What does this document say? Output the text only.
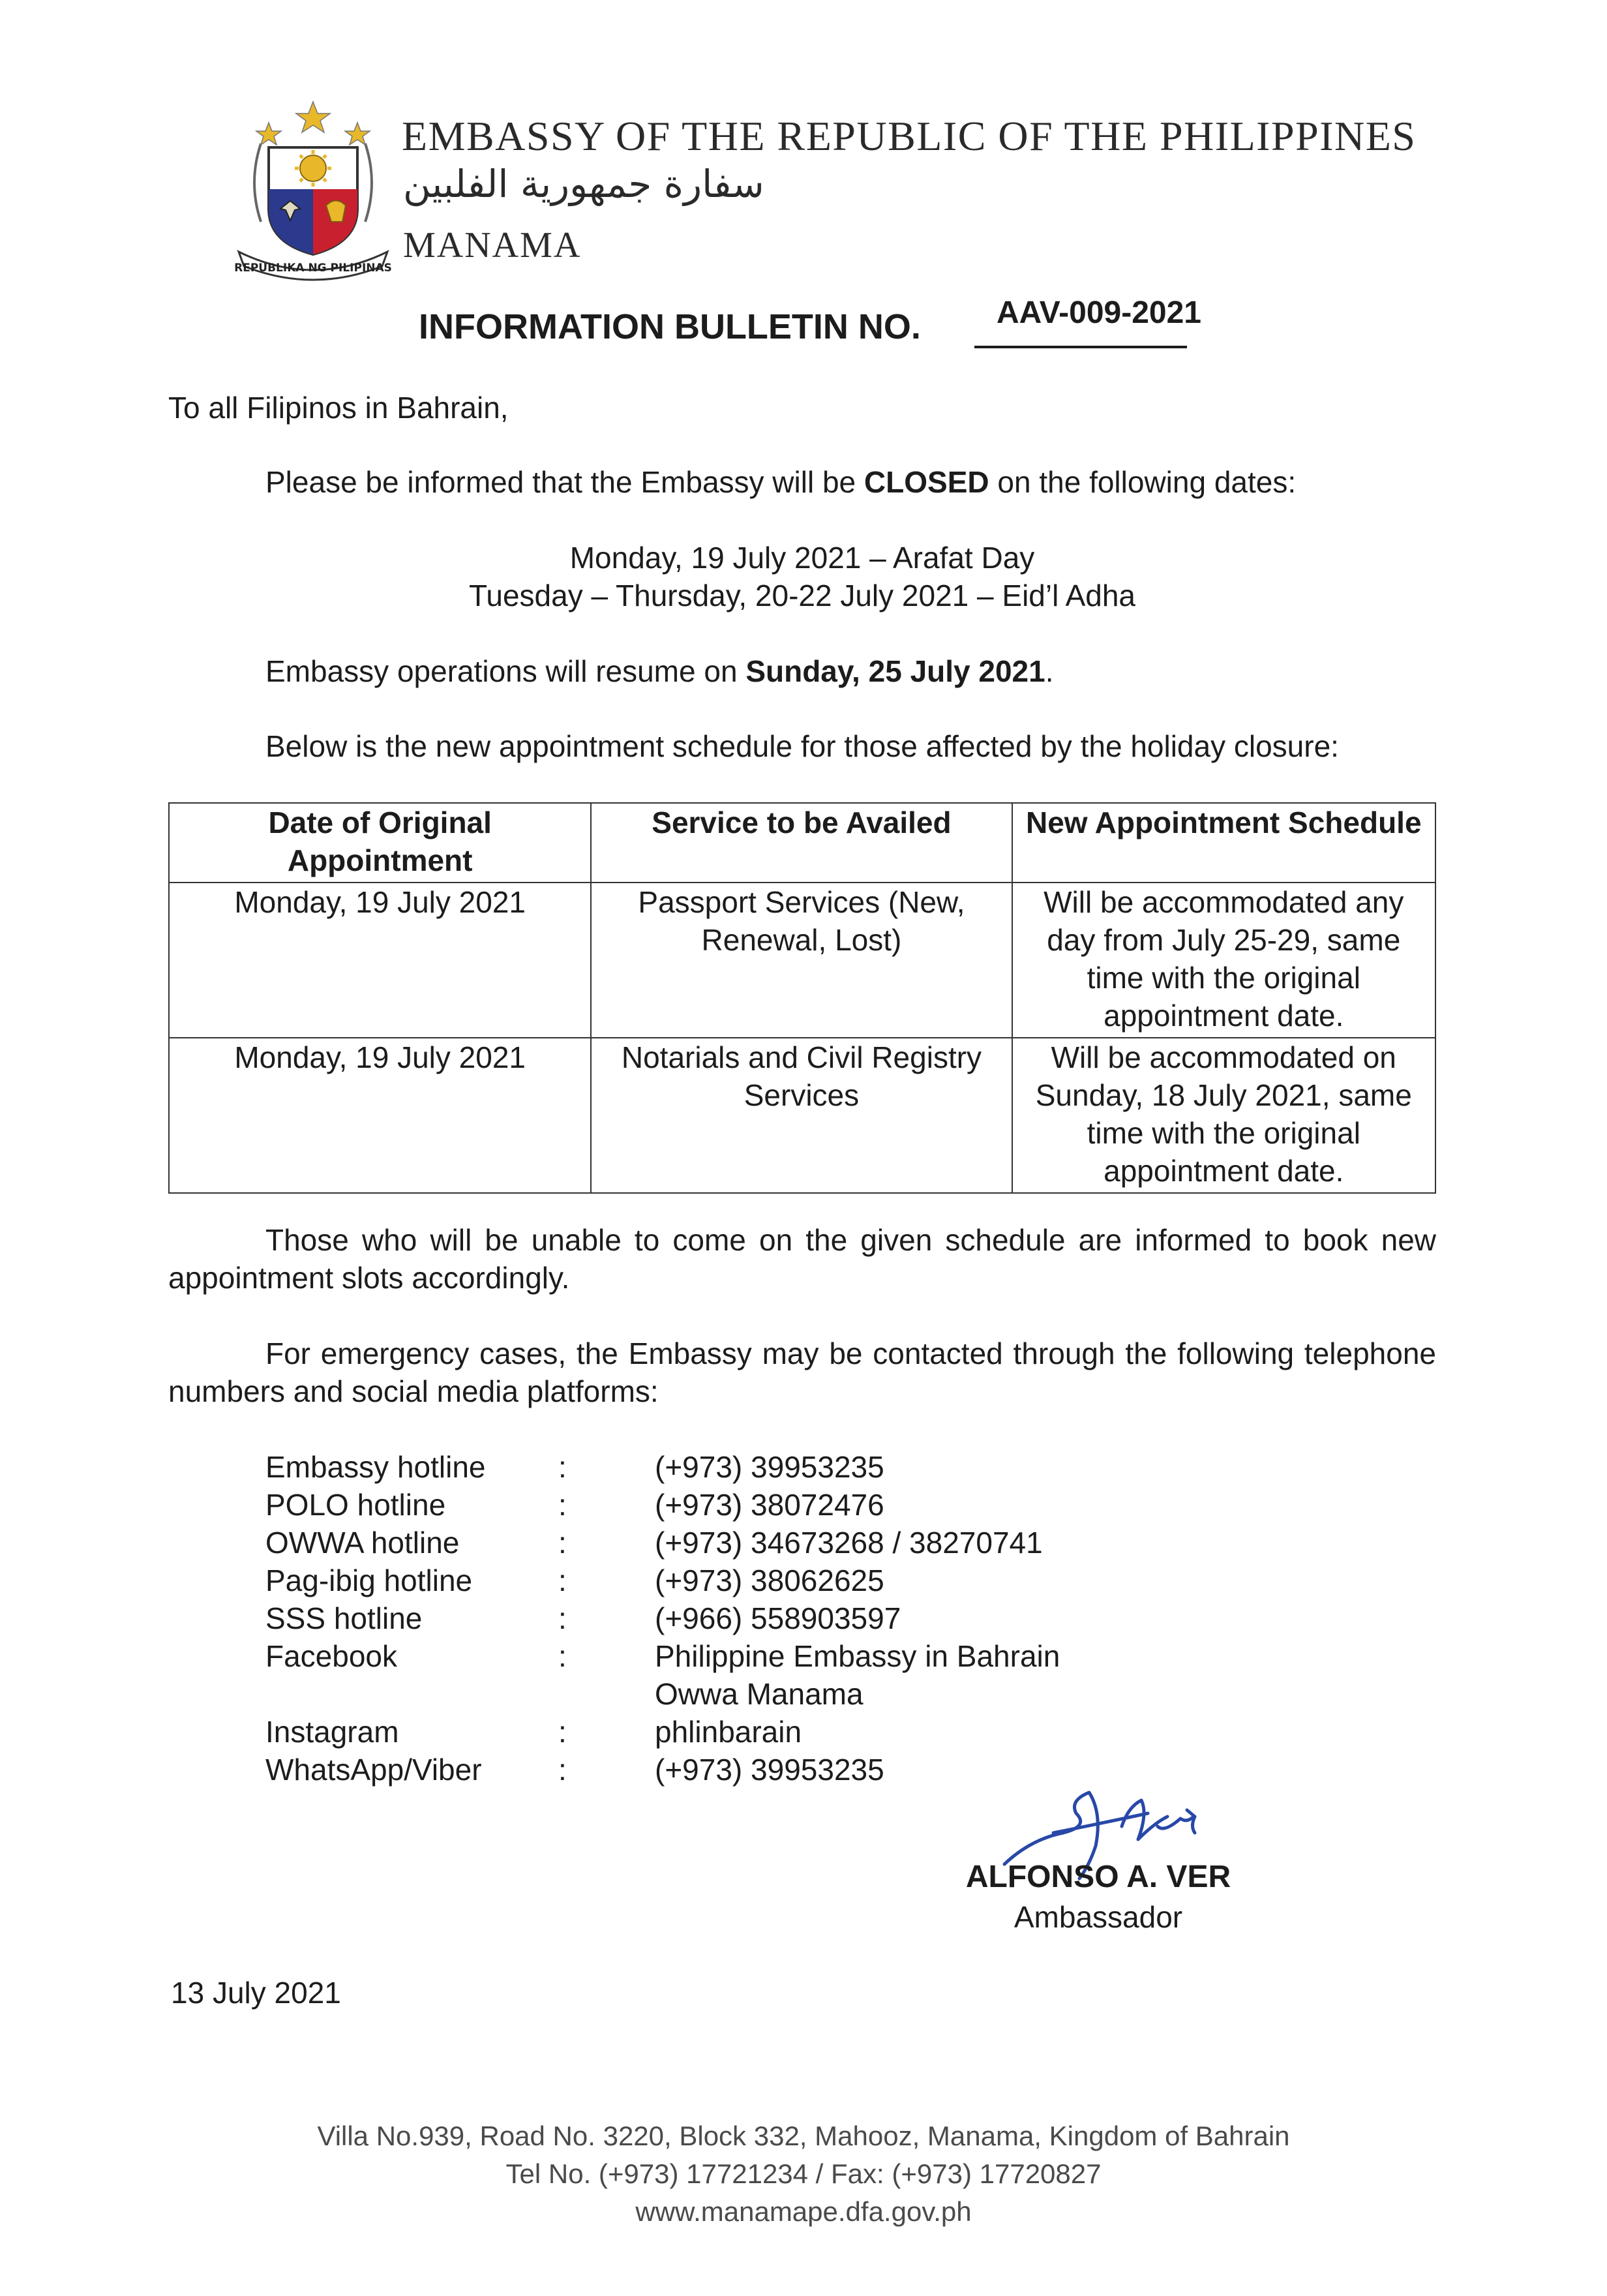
REPUBLIKA NG PILIPINAS
EMBASSY OF THE REPUBLIC OF THE PHILIPPINES
سفارة جمهورية الفلبين
MANAMA
INFORMATION BULLETIN NO. AAV-009-2021
To all Filipinos in Bahrain,
Please be informed that the Embassy will be CLOSED on the following dates:
Monday, 19 July 2021 – Arafat Day
Tuesday – Thursday, 20-22 July 2021 – Eid’l Adha
Embassy operations will resume on Sunday, 25 July 2021.
Below is the new appointment schedule for those affected by the holiday closure:
Date of Original Appointment	Service to be Availed	New Appointment Schedule
Monday, 19 July 2021	Passport Services (New, Renewal, Lost)	Will be accommodated any day from July 25-29, same time with the original appointment date.
Monday, 19 July 2021	Notarials and Civil Registry Services	Will be accommodated on Sunday, 18 July 2021, same time with the original appointment date.
Those who will be unable to come on the given schedule are informed to book new appointment slots accordingly.
For emergency cases, the Embassy may be contacted through the following telephone numbers and social media platforms:
Embassy hotline :	(+973) 39953235
POLO hotline	:	(+973) 38072476
OWWA hotline	:	(+973) 34673268 / 38270741
Pag-ibig hotline	:	(+973) 38062625
SSS hotline	:	(+966) 558903597
Facebook	:	Philippine Embassy in Bahrain
Owwa Manama
Instagram	:	phlinbarain
WhatsApp/Viber	:	(+973) 39953235
ALFONSO A. VER
Ambassador
13 July 2021
Villa No.939, Road No. 3220, Block 332, Mahooz, Manama, Kingdom of Bahrain
Tel No. (+973) 17721234 / Fax: (+973) 17720827
www.manamape.dfa.gov.ph
